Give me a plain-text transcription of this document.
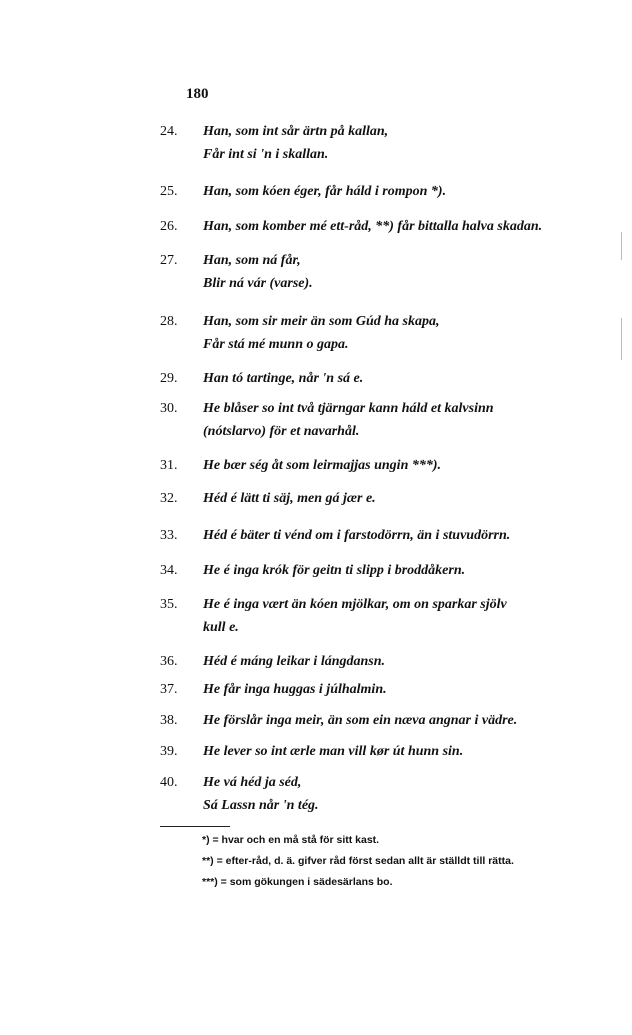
180
24. Han, som int sår ärtn på kallan,
Får int si 'n i skallan.
25. Han, som kóen éger, får háld i rompon *).
26. Han, som komber mé ett-råd, **) får bittalla halva skadan.
27. Han, som ná får,
Blir ná vár (varse).
28. Han, som sir meir än som Gúd ha skapa,
Får stá mé munn o gapa.
29. Han tó tartinge, når 'n sá e.
30. He blåser so int två tjärngar kann háld et kalvsinn
(nótslarvo) för et navarhål.
31. He bær ség åt som leirmajjas ungin ***).
32. Héd é lätt ti säj, men gá jær e.
33. Héd é bäter ti vénd om i farstodörrn, än i stuvudörrn.
34. He é inga krók för geitn ti slipp i broddåkern.
35. He é inga vært än kóen mjölkar, om on sparkar sjölv
kull e.
36. Héd é máng leikar i lángdansn.
37. He får inga huggas i júlhalmin.
38. He förslår inga meir, än som ein næva angnar i vädre.
39. He lever so int ærle man vill kør út hunn sin.
40. He vá héd ja séd,
Sá Lassn når 'n tég.
*) = hvar och en må stå för sitt kast.
**) = efter-råd, d. ä. gifver råd först sedan allt är ställdt till rätta.
***) = som gökungen i sädesärlans bo.
